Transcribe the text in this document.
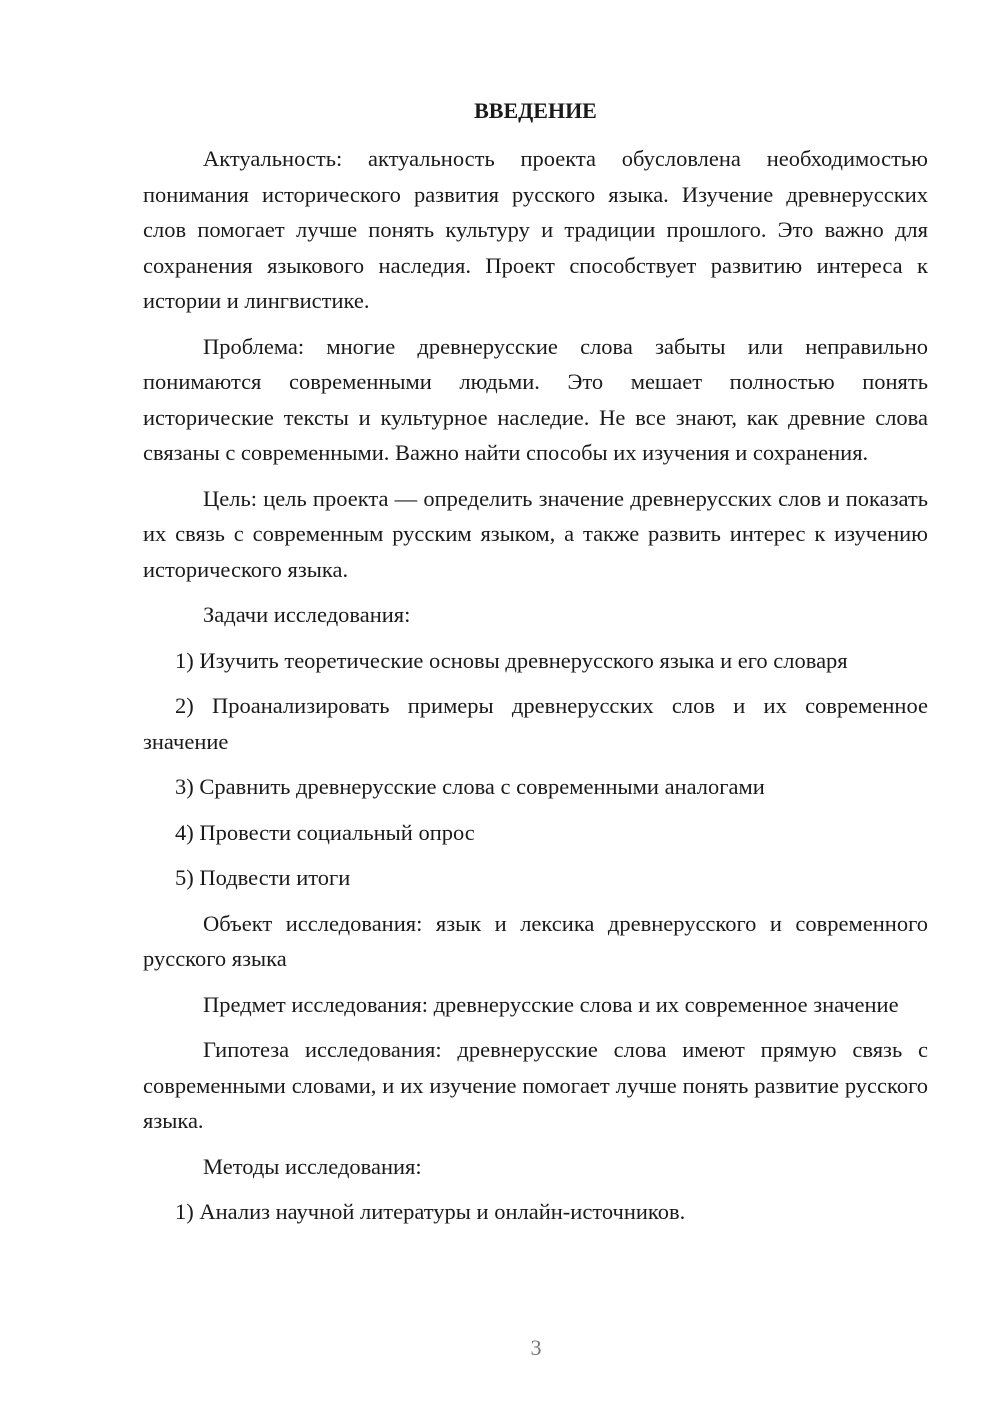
ВВЕДЕНИЕ

Актуальность: актуальность проекта обусловлена необходимостью понимания исторического развития русского языка. Изучение древнерусских слов помогает лучше понять культуру и традиции прошлого. Это важно для сохранения языкового наследия. Проект способствует развитию интереса к истории и лингвистике.

Проблема: многие древнерусские слова забыты или неправильно понимаются современными людьми. Это мешает полностью понять исторические тексты и культурное наследие. Не все знают, как древние слова связаны с современными. Важно найти способы их изучения и сохранения.

Цель: цель проекта — определить значение древнерусских слов и показать их связь с современным русским языком, а также развить интерес к изучению исторического языка.

Задачи исследования:

1) Изучить теоретические основы древнерусского языка и его словаря

2) Проанализировать примеры древнерусских слов и их современное значение

3) Сравнить древнерусские слова с современными аналогами

4) Провести социальный опрос

5) Подвести итоги

Объект исследования: язык и лексика древнерусского и современного русского языка

Предмет исследования: древнерусские слова и их современное значение

Гипотеза исследования: древнерусские слова имеют прямую связь с современными словами, и их изучение помогает лучше понять развитие русского языка.

Методы исследования:

1) Анализ научной литературы и онлайн-источников.

3
